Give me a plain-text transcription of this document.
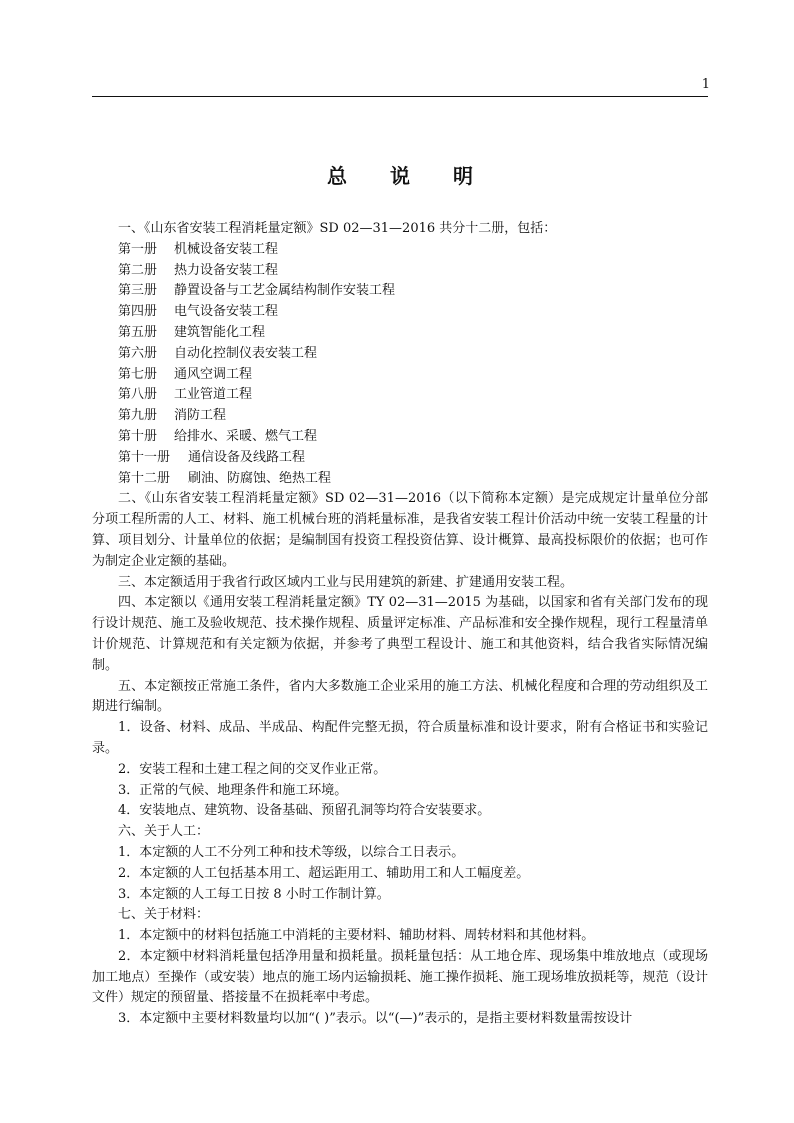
1
总 说 明

一、《山东省安装工程消耗量定额》SD 02—31—2016 共分十二册，包括：

第一册 机械设备安装工程

第二册 热力设备安装工程

第三册 静置设备与工艺金属结构制作安装工程

第四册 电气设备安装工程

第五册 建筑智能化工程

第六册 自动化控制仪表安装工程

第七册 通风空调工程

第八册 工业管道工程

第九册 消防工程

第十册 给排水、采暖、燃气工程

第十一册 通信设备及线路工程

第十二册 刷油、防腐蚀、绝热工程

二、《山东省安装工程消耗量定额》SD 02—31—2016（以下简称本定额）是完成规定计量单位分部分项工程所需的人工、材料、施工机械台班的消耗量标准，是我省安装工程计价活动中统一安装工程量的计算、项目划分、计量单位的依据；是编制国有投资工程投资估算、设计概算、最高投标限价的依据；也可作为制定企业定额的基础。

三、本定额适用于我省行政区域内工业与民用建筑的新建、扩建通用安装工程。

四、本定额以《通用安装工程消耗量定额》TY 02—31—2015 为基础，以国家和省有关部门发布的现行设计规范、施工及验收规范、技术操作规程、质量评定标准、产品标准和安全操作规程，现行工程量清单计价规范、计算规范和有关定额为依据，并参考了典型工程设计、施工和其他资料，结合我省实际情况编制。

五、本定额按正常施工条件，省内大多数施工企业采用的施工方法、机械化程度和合理的劳动组织及工期进行编制。

1．设备、材料、成品、半成品、构配件完整无损，符合质量标准和设计要求，附有合格证书和实验记录。

2．安装工程和土建工程之间的交叉作业正常。

3．正常的气候、地理条件和施工环境。

4．安装地点、建筑物、设备基础、预留孔洞等均符合安装要求。

六、关于人工：

1．本定额的人工不分列工种和技术等级，以综合工日表示。

2．本定额的人工包括基本用工、超运距用工、辅助用工和人工幅度差。

3．本定额的人工每工日按 8 小时工作制计算。

七、关于材料：

1．本定额中的材料包括施工中消耗的主要材料、辅助材料、周转材料和其他材料。

2．本定额中材料消耗量包括净用量和损耗量。损耗量包括：从工地仓库、现场集中堆放地点（或现场加工地点）至操作（或安装）地点的施工场内运输损耗、施工操作损耗、施工现场堆放损耗等，规范（设计文件）规定的预留量、搭接量不在损耗率中考虑。

3．本定额中主要材料数量均以加“( )”表示。以“(—)”表示的，是指主要材料数量需按设计
